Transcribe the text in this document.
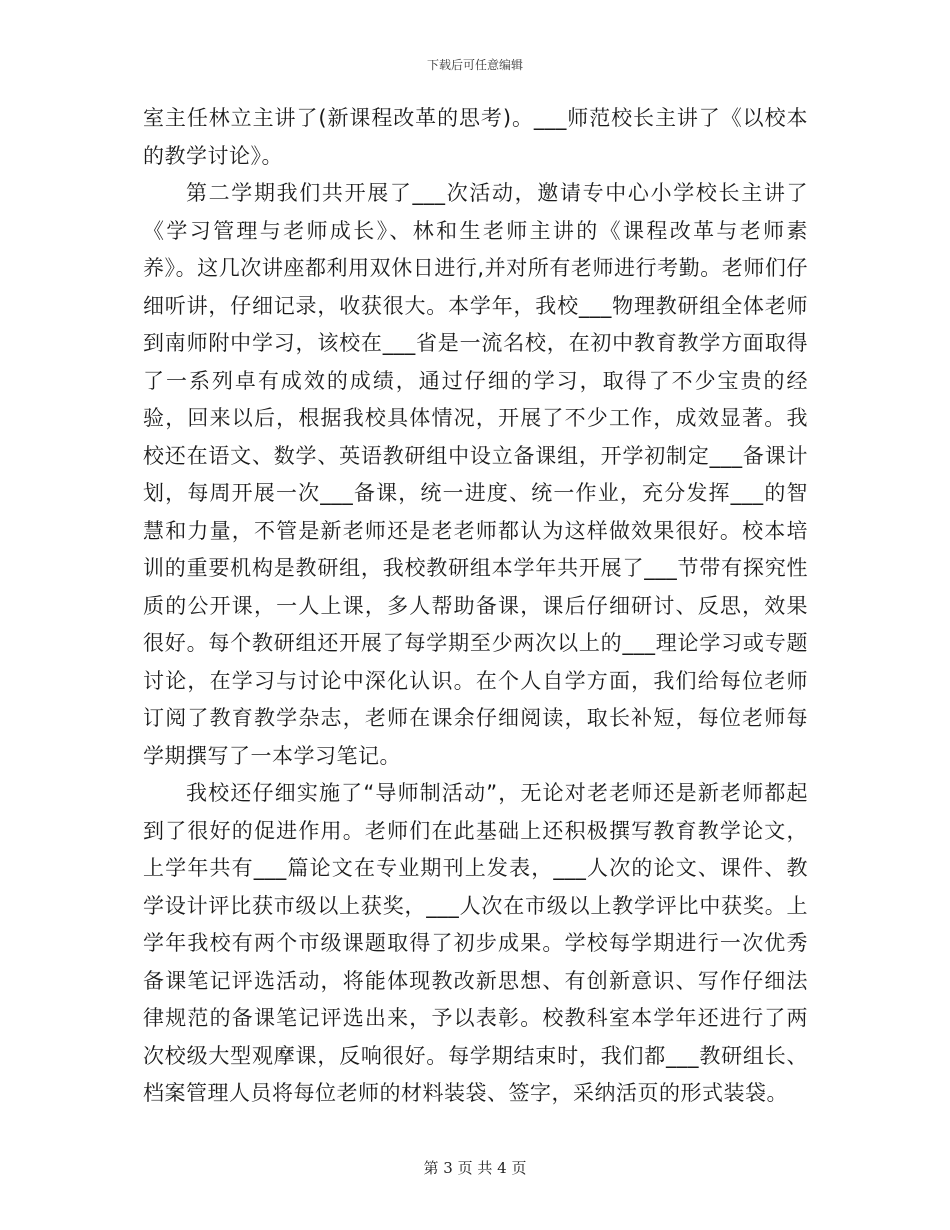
下载后可任意编辑

室主任林立主讲了(新课程改革的思考)。___师范校长主讲了《以校本的教学讨论》。

第二学期我们共开展了___次活动，邀请专中心小学校长主讲了《学习管理与老师成长》、林和生老师主讲的《课程改革与老师素养》。这几次讲座都利用双休日进行,并对所有老师进行考勤。老师们仔细听讲，仔细记录，收获很大。本学年，我校___物理教研组全体老师到南师附中学习，该校在___省是一流名校，在初中教育教学方面取得了一系列卓有成效的成绩，通过仔细的学习，取得了不少宝贵的经验，回来以后，根据我校具体情况，开展了不少工作，成效显著。我校还在语文、数学、英语教研组中设立备课组，开学初制定___备课计划，每周开展一次___备课，统一进度、统一作业，充分发挥___的智慧和力量，不管是新老师还是老老师都认为这样做效果很好。校本培训的重要机构是教研组，我校教研组本学年共开展了___节带有探究性质的公开课，一人上课，多人帮助备课，课后仔细研讨、反思，效果很好。每个教研组还开展了每学期至少两次以上的___理论学习或专题讨论，在学习与讨论中深化认识。在个人自学方面，我们给每位老师订阅了教育教学杂志，老师在课余仔细阅读，取长补短，每位老师每学期撰写了一本学习笔记。

我校还仔细实施了“导师制活动”，无论对老老师还是新老师都起到了很好的促进作用。老师们在此基础上还积极撰写教育教学论文，上学年共有___篇论文在专业期刊上发表，___人次的论文、课件、教学设计评比获市级以上获奖，___人次在市级以上教学评比中获奖。上学年我校有两个市级课题取得了初步成果。学校每学期进行一次优秀备课笔记评选活动，将能体现教改新思想、有创新意识、写作仔细法律规范的备课笔记评选出来，予以表彰。校教科室本学年还进行了两次校级大型观摩课，反响很好。每学期结束时，我们都___教研组长、档案管理人员将每位老师的材料装袋、签字，采纳活页的形式装袋。

第 3 页 共 4 页
